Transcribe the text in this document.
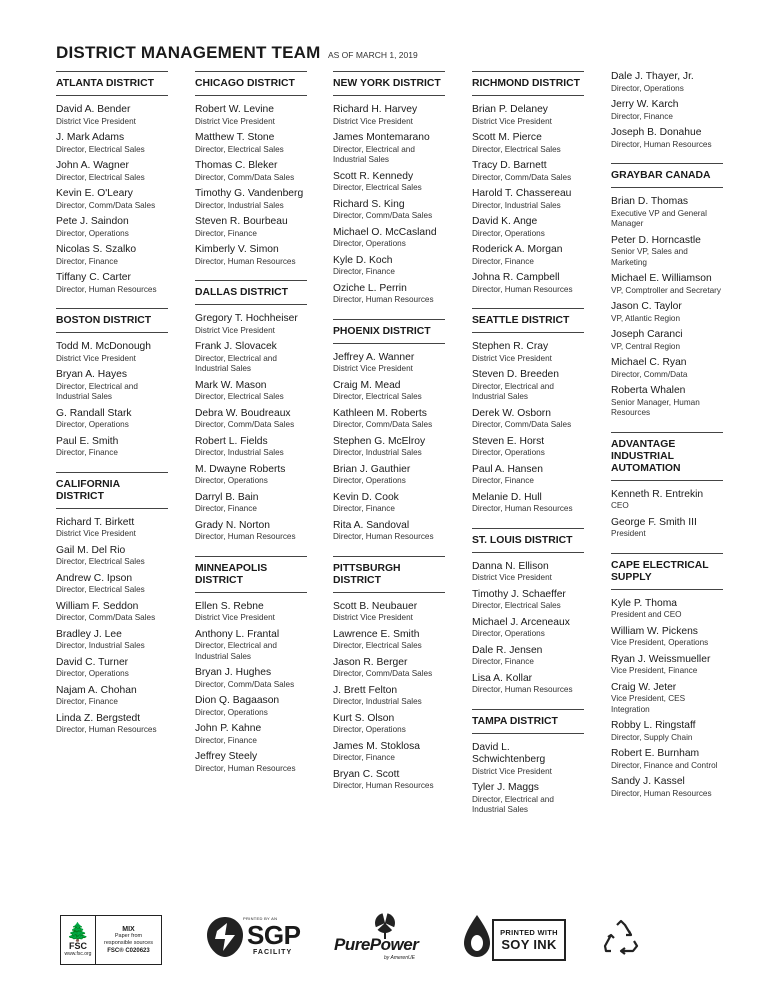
DISTRICT MANAGEMENT TEAM AS OF MARCH 1, 2019
ATLANTA DISTRICT
David A. Bender
District Vice President
J. Mark Adams
Director, Electrical Sales
John A. Wagner
Director, Electrical Sales
Kevin E. O'Leary
Director, Comm/Data Sales
Pete J. Saindon
Director, Operations
Nicolas S. Szalko
Director, Finance
Tiffany C. Carter
Director, Human Resources
BOSTON DISTRICT
Todd M. McDonough
District Vice President
Bryan A. Hayes
Director, Electrical and Industrial Sales
G. Randall Stark
Director, Operations
Paul E. Smith
Director, Finance
CALIFORNIA DISTRICT
Richard T. Birkett
District Vice President
Gail M. Del Rio
Director, Electrical Sales
Andrew C. Ipson
Director, Electrical Sales
William F. Seddon
Director, Comm/Data Sales
Bradley J. Lee
Director, Industrial Sales
David C. Turner
Director, Operations
Najam A. Chohan
Director, Finance
Linda Z. Bergstedt
Director, Human Resources
CHICAGO DISTRICT
Robert W. Levine
District Vice President
Matthew T. Stone
Director, Electrical Sales
Thomas C. Bleker
Director, Comm/Data Sales
Timothy G. Vandenberg
Director, Industrial Sales
Steven R. Bourbeau
Director, Finance
Kimberly V. Simon
Director, Human Resources
DALLAS DISTRICT
Gregory T. Hochheiser
District Vice President
Frank J. Slovacek
Director, Electrical and Industrial Sales
Mark W. Mason
Director, Electrical Sales
Debra W. Boudreaux
Director, Comm/Data Sales
Robert L. Fields
Director, Industrial Sales
M. Dwayne Roberts
Director, Operations
Darryl B. Bain
Director, Finance
Grady N. Norton
Director, Human Resources
MINNEAPOLIS DISTRICT
Ellen S. Rebne
District Vice President
Anthony L. Frantal
Director, Electrical and Industrial Sales
Bryan J. Hughes
Director, Comm/Data Sales
Dion Q. Bagaason
Director, Operations
John P. Kahne
Director, Finance
Jeffrey Steely
Director, Human Resources
NEW YORK DISTRICT
Richard H. Harvey
District Vice President
James Montemarano
Director, Electrical and Industrial Sales
Scott R. Kennedy
Director, Electrical Sales
Richard S. King
Director, Comm/Data Sales
Michael O. McCasland
Director, Operations
Kyle D. Koch
Director, Finance
Oziche L. Perrin
Director, Human Resources
PHOENIX DISTRICT
Jeffrey A. Wanner
District Vice President
Craig M. Mead
Director, Electrical Sales
Kathleen M. Roberts
Director, Comm/Data Sales
Stephen G. McElroy
Director, Industrial Sales
Brian J. Gauthier
Director, Operations
Kevin D. Cook
Director, Finance
Rita A. Sandoval
Director, Human Resources
PITTSBURGH DISTRICT
Scott B. Neubauer
District Vice President
Lawrence E. Smith
Director, Electrical Sales
Jason R. Berger
Director, Comm/Data Sales
J. Brett Felton
Director, Industrial Sales
Kurt S. Olson
Director, Operations
James M. Stoklosa
Director, Finance
Bryan C. Scott
Director, Human Resources
RICHMOND DISTRICT
Brian P. Delaney
District Vice President
Scott M. Pierce
Director, Electrical Sales
Tracy D. Barnett
Director, Comm/Data Sales
Harold T. Chassereau
Director, Industrial Sales
David K. Ange
Director, Operations
Roderick A. Morgan
Director, Finance
Johna R. Campbell
Director, Human Resources
SEATTLE DISTRICT
Stephen R. Cray
District Vice President
Steven D. Breeden
Director, Electrical and Industrial Sales
Derek W. Osborn
Director, Comm/Data Sales
Steven E. Horst
Director, Operations
Paul A. Hansen
Director, Finance
Melanie D. Hull
Director, Human Resources
ST. LOUIS DISTRICT
Danna N. Ellison
District Vice President
Timothy J. Schaeffer
Director, Electrical Sales
Michael J. Arceneaux
Director, Operations
Dale R. Jensen
Director, Finance
Lisa A. Kollar
Director, Human Resources
TAMPA DISTRICT
David L. Schwichtenberg
District Vice President
Tyler J. Maggs
Director, Electrical and Industrial Sales
Dale J. Thayer, Jr.
Director, Operations
Jerry W. Karch
Director, Finance
Joseph B. Donahue
Director, Human Resources
GRAYBAR CANADA
Brian D. Thomas
Executive VP and General Manager
Peter D. Horncastle
Senior VP, Sales and Marketing
Michael E. Williamson
VP, Comptroller and Secretary
Jason C. Taylor
VP, Atlantic Region
Joseph Caranci
VP, Central Region
Michael C. Ryan
Director, Comm/Data
Roberta Whalen
Senior Manager, Human Resources
ADVANTAGE INDUSTRIAL AUTOMATION
Kenneth R. Entrekin
CEO
George F. Smith III
President
CAPE ELECTRICAL SUPPLY
Kyle P. Thoma
President and CEO
William W. Pickens
Vice President, Operations
Ryan J. Weissmueller
Vice President, Finance
Craig W. Jeter
Vice President, CES Integration
Robby L. Ringstaff
Director, Supply Chain
Robert E. Burnham
Director, Finance and Control
Sandy J. Kassel
Director, Human Resources
🌲
FSC
www.fsc.org
MIX
Paper from
responsible sources
FSC® C020623
PRINTED BY AN
SGP
FACILITY PurePower
by AmerenUE
PRINTED WITH
SOY INK
